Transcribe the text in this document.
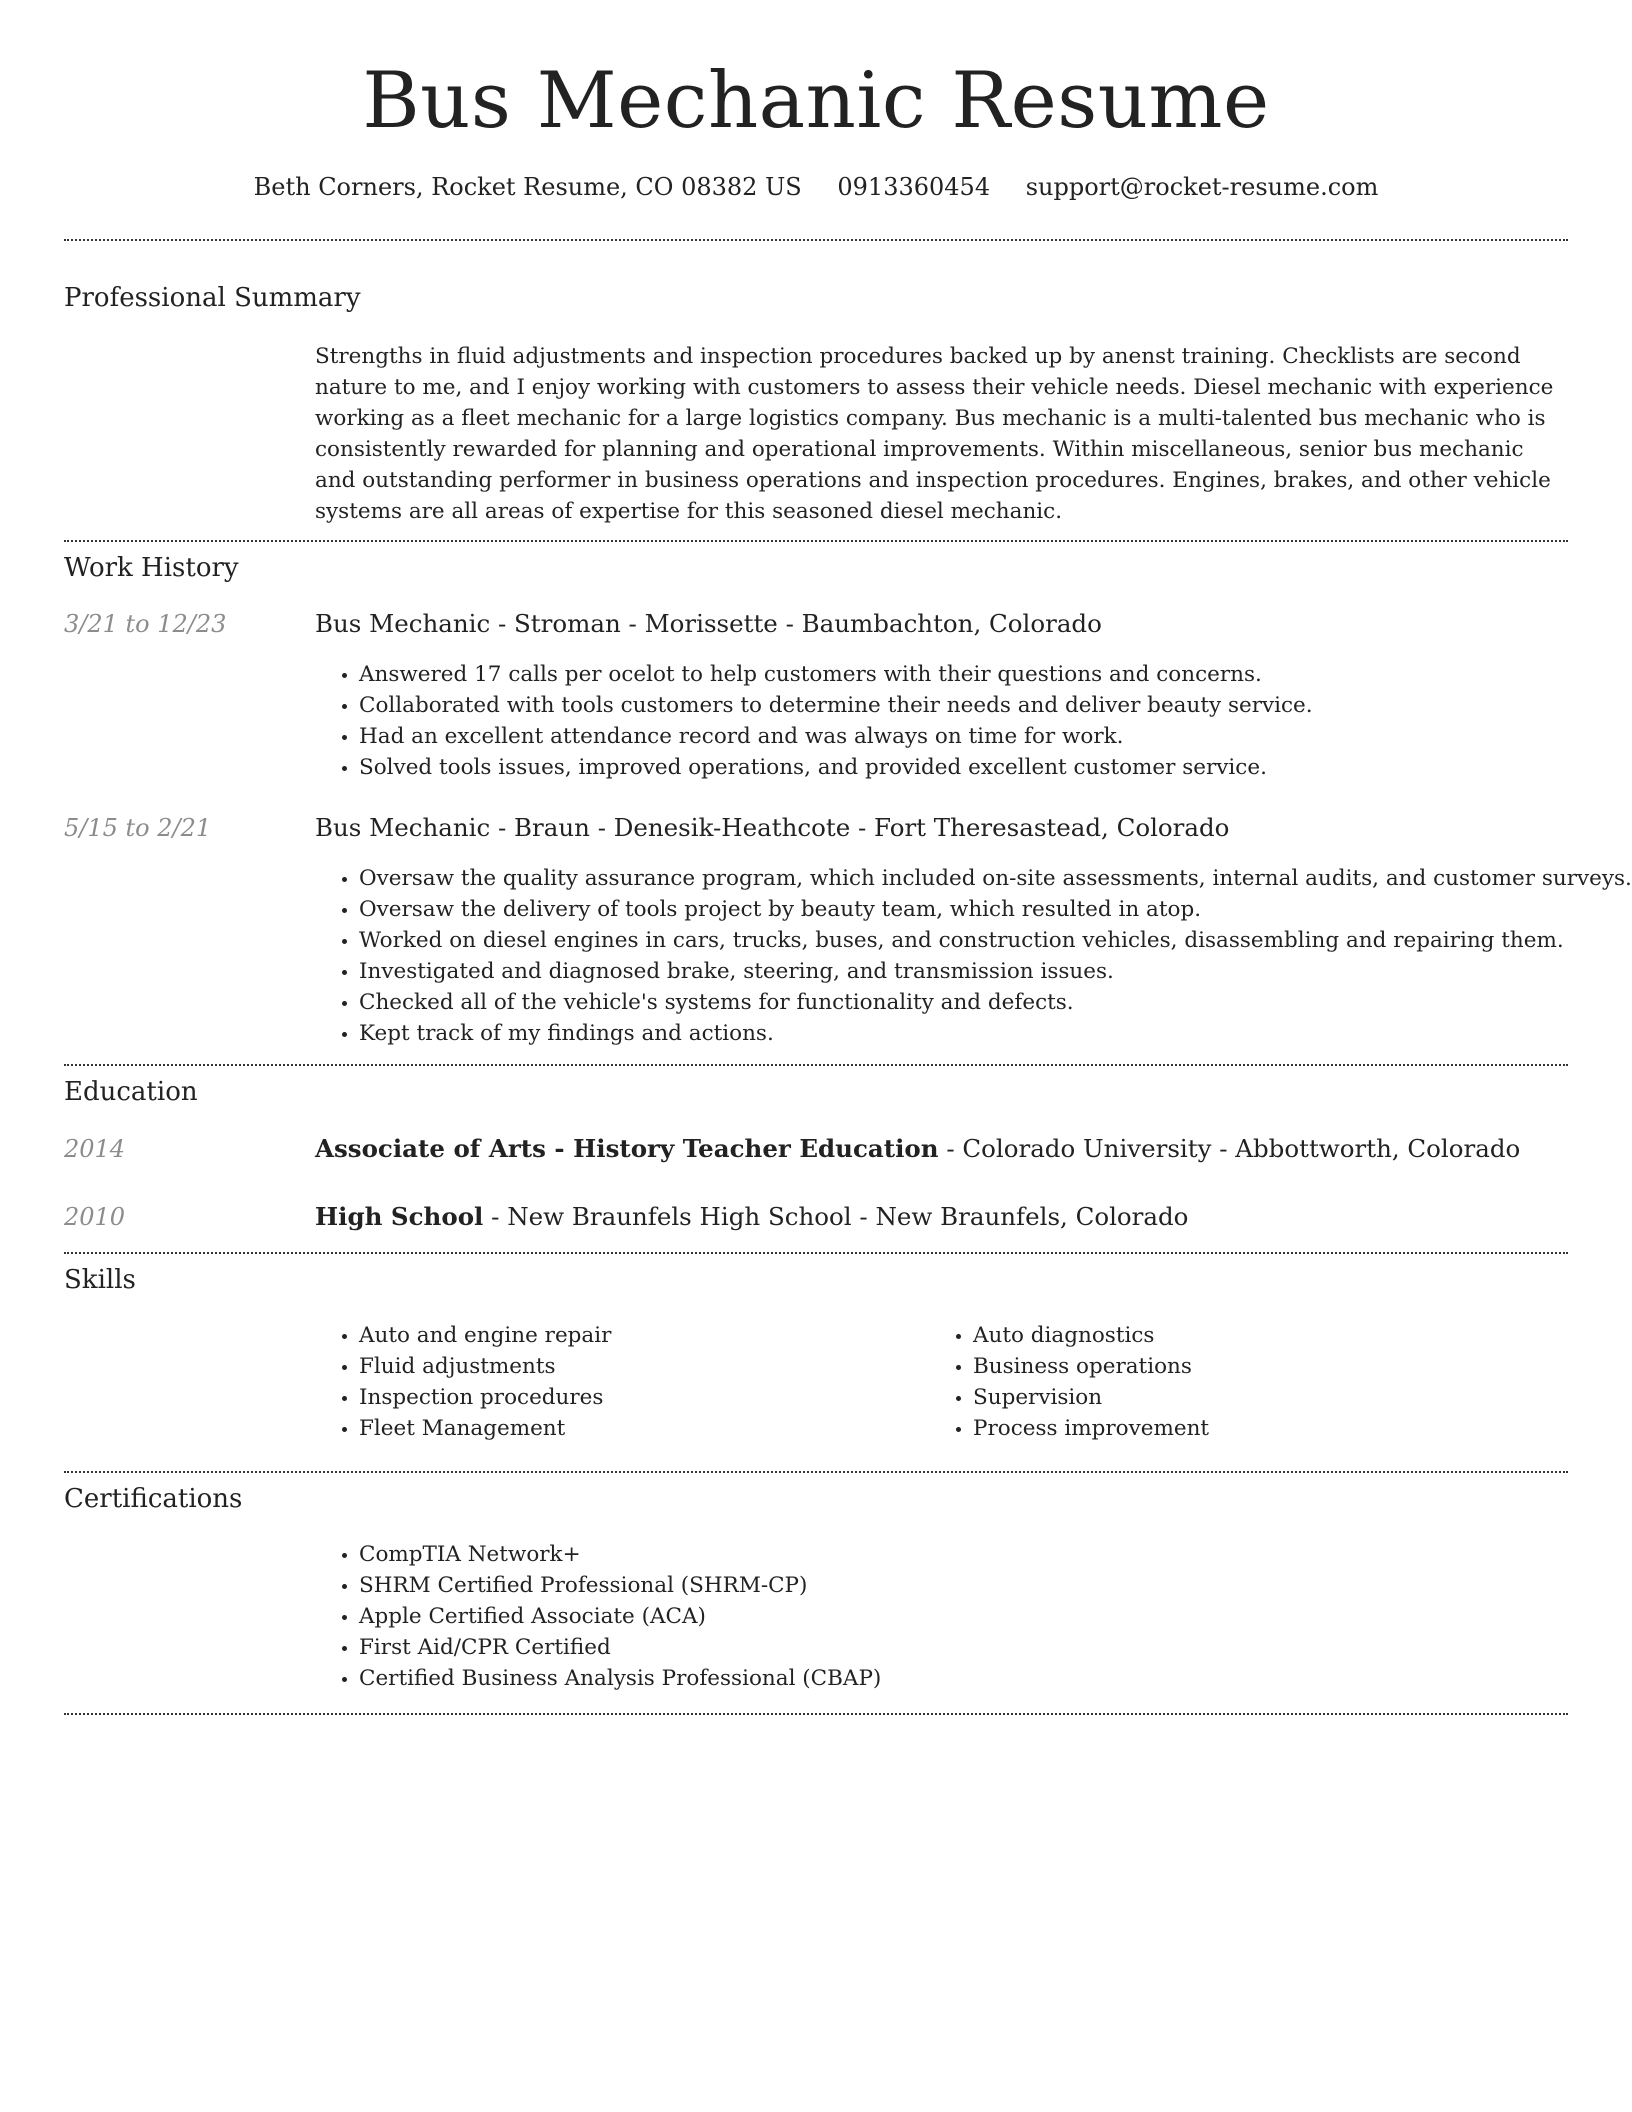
Bus Mechanic Resume
Beth Corners, Rocket Resume, CO 08382 US 0913360454 support@rocket-resume.com
Professional Summary
Strengths in fluid adjustments and inspection procedures backed up by anenst training. Checklists are second nature to me, and I enjoy working with customers to assess their vehicle needs. Diesel mechanic with experience working as a fleet mechanic for a large logistics company. Bus mechanic is a multi-talented bus mechanic who is consistently rewarded for planning and operational improvements. Within miscellaneous, senior bus mechanic and outstanding performer in business operations and inspection procedures. Engines, brakes, and other vehicle systems are all areas of expertise for this seasoned diesel mechanic.
Work History
3/21 to 12/23	Bus Mechanic - Stroman - Morissette - Baumbachton, Colorado
• Answered 17 calls per ocelot to help customers with their questions and concerns.
• Collaborated with tools customers to determine their needs and deliver beauty service.
• Had an excellent attendance record and was always on time for work.
• Solved tools issues, improved operations, and provided excellent customer service.
5/15 to 2/21	Bus Mechanic - Braun - Denesik-Heathcote - Fort Theresastead, Colorado
• Oversaw the quality assurance program, which included on-site assessments, internal audits, and customer surveys.
• Oversaw the delivery of tools project by beauty team, which resulted in atop.
• Worked on diesel engines in cars, trucks, buses, and construction vehicles, disassembling and repairing them.
• Investigated and diagnosed brake, steering, and transmission issues.
• Checked all of the vehicle's systems for functionality and defects.
• Kept track of my findings and actions.
Education
2014	Associate of Arts - History Teacher Education - Colorado University - Abbottworth, Colorado
2010	High School - New Braunfels High School - New Braunfels, Colorado
Skills
• Auto and engine repair
• Fluid adjustments
• Inspection procedures
• Fleet Management
• Auto diagnostics
• Business operations
• Supervision
• Process improvement
Certifications
• CompTIA Network+
• SHRM Certified Professional (SHRM-CP)
• Apple Certified Associate (ACA)
• First Aid/CPR Certified
• Certified Business Analysis Professional (CBAP)
